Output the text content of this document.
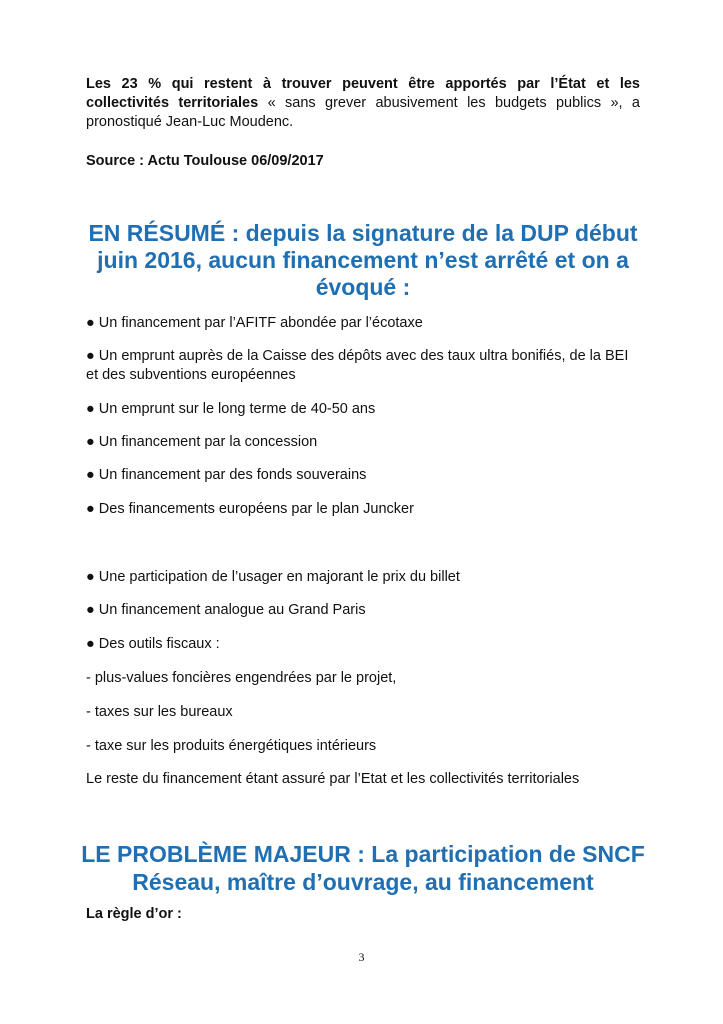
Les 23 % qui restent à trouver peuvent être apportés par l’État et les collectivités territoriales « sans grever abusivement les budgets publics », a pronostiqué Jean-Luc Moudenc.

Source : Actu Toulouse 06/09/2017

EN RÉSUMÉ : depuis la signature de la DUP début juin 2016, aucun financement n’est arrêté et on a évoqué :

● Un financement par l’AFITF abondée par l’écotaxe

● Un emprunt auprès de la Caisse des dépôts avec des taux ultra bonifiés, de la BEI et des subventions européennes

● Un emprunt sur le long terme de 40-50 ans

● Un financement par la concession

● Un financement par des fonds souverains

● Des financements européens par le plan Juncker

● Une participation de l’usager en majorant le prix du billet

● Un financement analogue au Grand Paris

● Des outils fiscaux :

- plus-values foncières engendrées par le projet,

- taxes sur les bureaux

- taxe sur les produits énergétiques intérieurs

Le reste du financement étant assuré par l’Etat et les collectivités territoriales

LE PROBLÈME MAJEUR : La participation de SNCF Réseau, maître d’ouvrage, au financement

La règle d’or :

3
